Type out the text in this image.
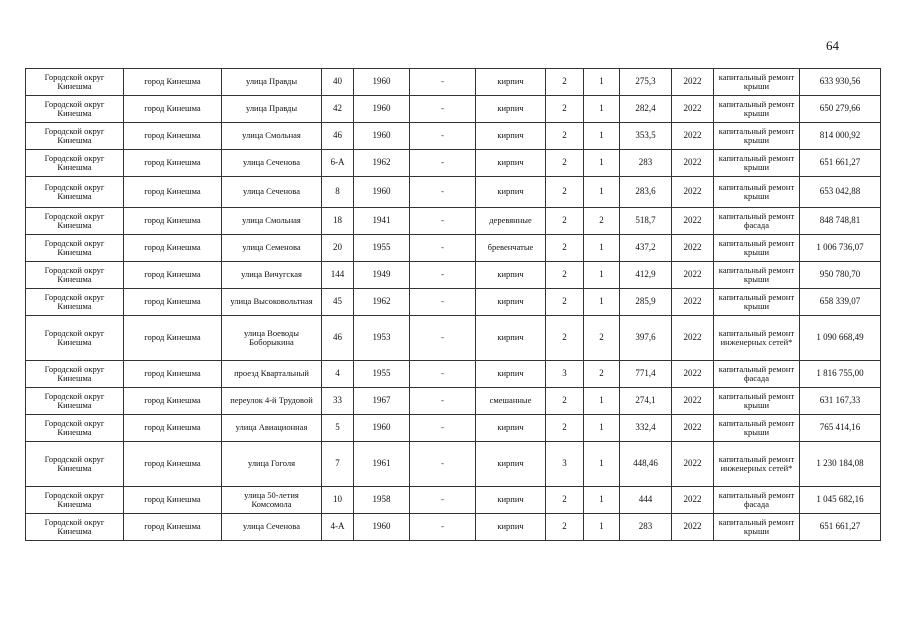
64
Городской округ Кинешма	город Кинешма	улица Правды	40	1960	-	кирпич	2	1	275,3	2022	капитальный ремонт крыши	633 930,56
Городской округ Кинешма	город Кинешма	улица Правды	42	1960	-	кирпич	2	1	282,4	2022	капитальный ремонт крыши	650 279,66
Городской округ Кинешма	город Кинешма	улица Смольная	46	1960	-	кирпич	2	1	353,5	2022	капитальный ремонт крыши	814 000,92
Городской округ Кинешма	город Кинешма	улица Сеченова	6-А	1962	-	кирпич	2	1	283	2022	капитальный ремонт крыши	651 661,27
Городской округ Кинешма	город Кинешма	улица Сеченова	8	1960	-	кирпич	2	1	283,6	2022	капитальный ремонт крыши	653 042,88
Городской округ Кинешма	город Кинешма	улица Смольная	18	1941	-	деревянные	2	2	518,7	2022	капитальный ремонт фасада	848 748,81
Городской округ Кинешма	город Кинешма	улица Семенова	20	1955	-	бревенчатые	2	1	437,2	2022	капитальный ремонт крыши	1 006 736,07
Городской округ Кинешма	город Кинешма	улица Вичугская	144	1949	-	кирпич	2	1	412,9	2022	капитальный ремонт крыши	950 780,70
Городской округ Кинешма	город Кинешма	улица Высоковольтная	45	1962	-	кирпич	2	1	285,9	2022	капитальный ремонт крыши	658 339,07
Городской округ Кинешма	город Кинешма	улица Воеводы Боборыкина	46	1953	-	кирпич	2	2	397,6	2022	капитальный ремонт инженерных сетей*	1 090 668,49
Городской округ Кинешма	город Кинешма	проезд Квартальный	4	1955	-	кирпич	3	2	771,4	2022	капитальный ремонт фасада	1 816 755,00
Городской округ Кинешма	город Кинешма	переулок 4-й Трудовой	33	1967	-	смешанные	2	1	274,1	2022	капитальный ремонт крыши	631 167,33
Городской округ Кинешма	город Кинешма	улица Авиационная	5	1960	-	кирпич	2	1	332,4	2022	капитальный ремонт крыши	765 414,16
Городской округ Кинешма	город Кинешма	улица Гоголя	7	1961	-	кирпич	3	1	448,46	2022	капитальный ремонт инженерных сетей*	1 230 184,08
Городской округ Кинешма	город Кинешма	улица 50-летия Комсомола	10	1958	-	кирпич	2	1	444	2022	капитальный ремонт фасада	1 045 682,16
Городской округ Кинешма	город Кинешма	улица Сеченова	4-А	1960	-	кирпич	2	1	283	2022	капитальный ремонт крыши	651 661,27
